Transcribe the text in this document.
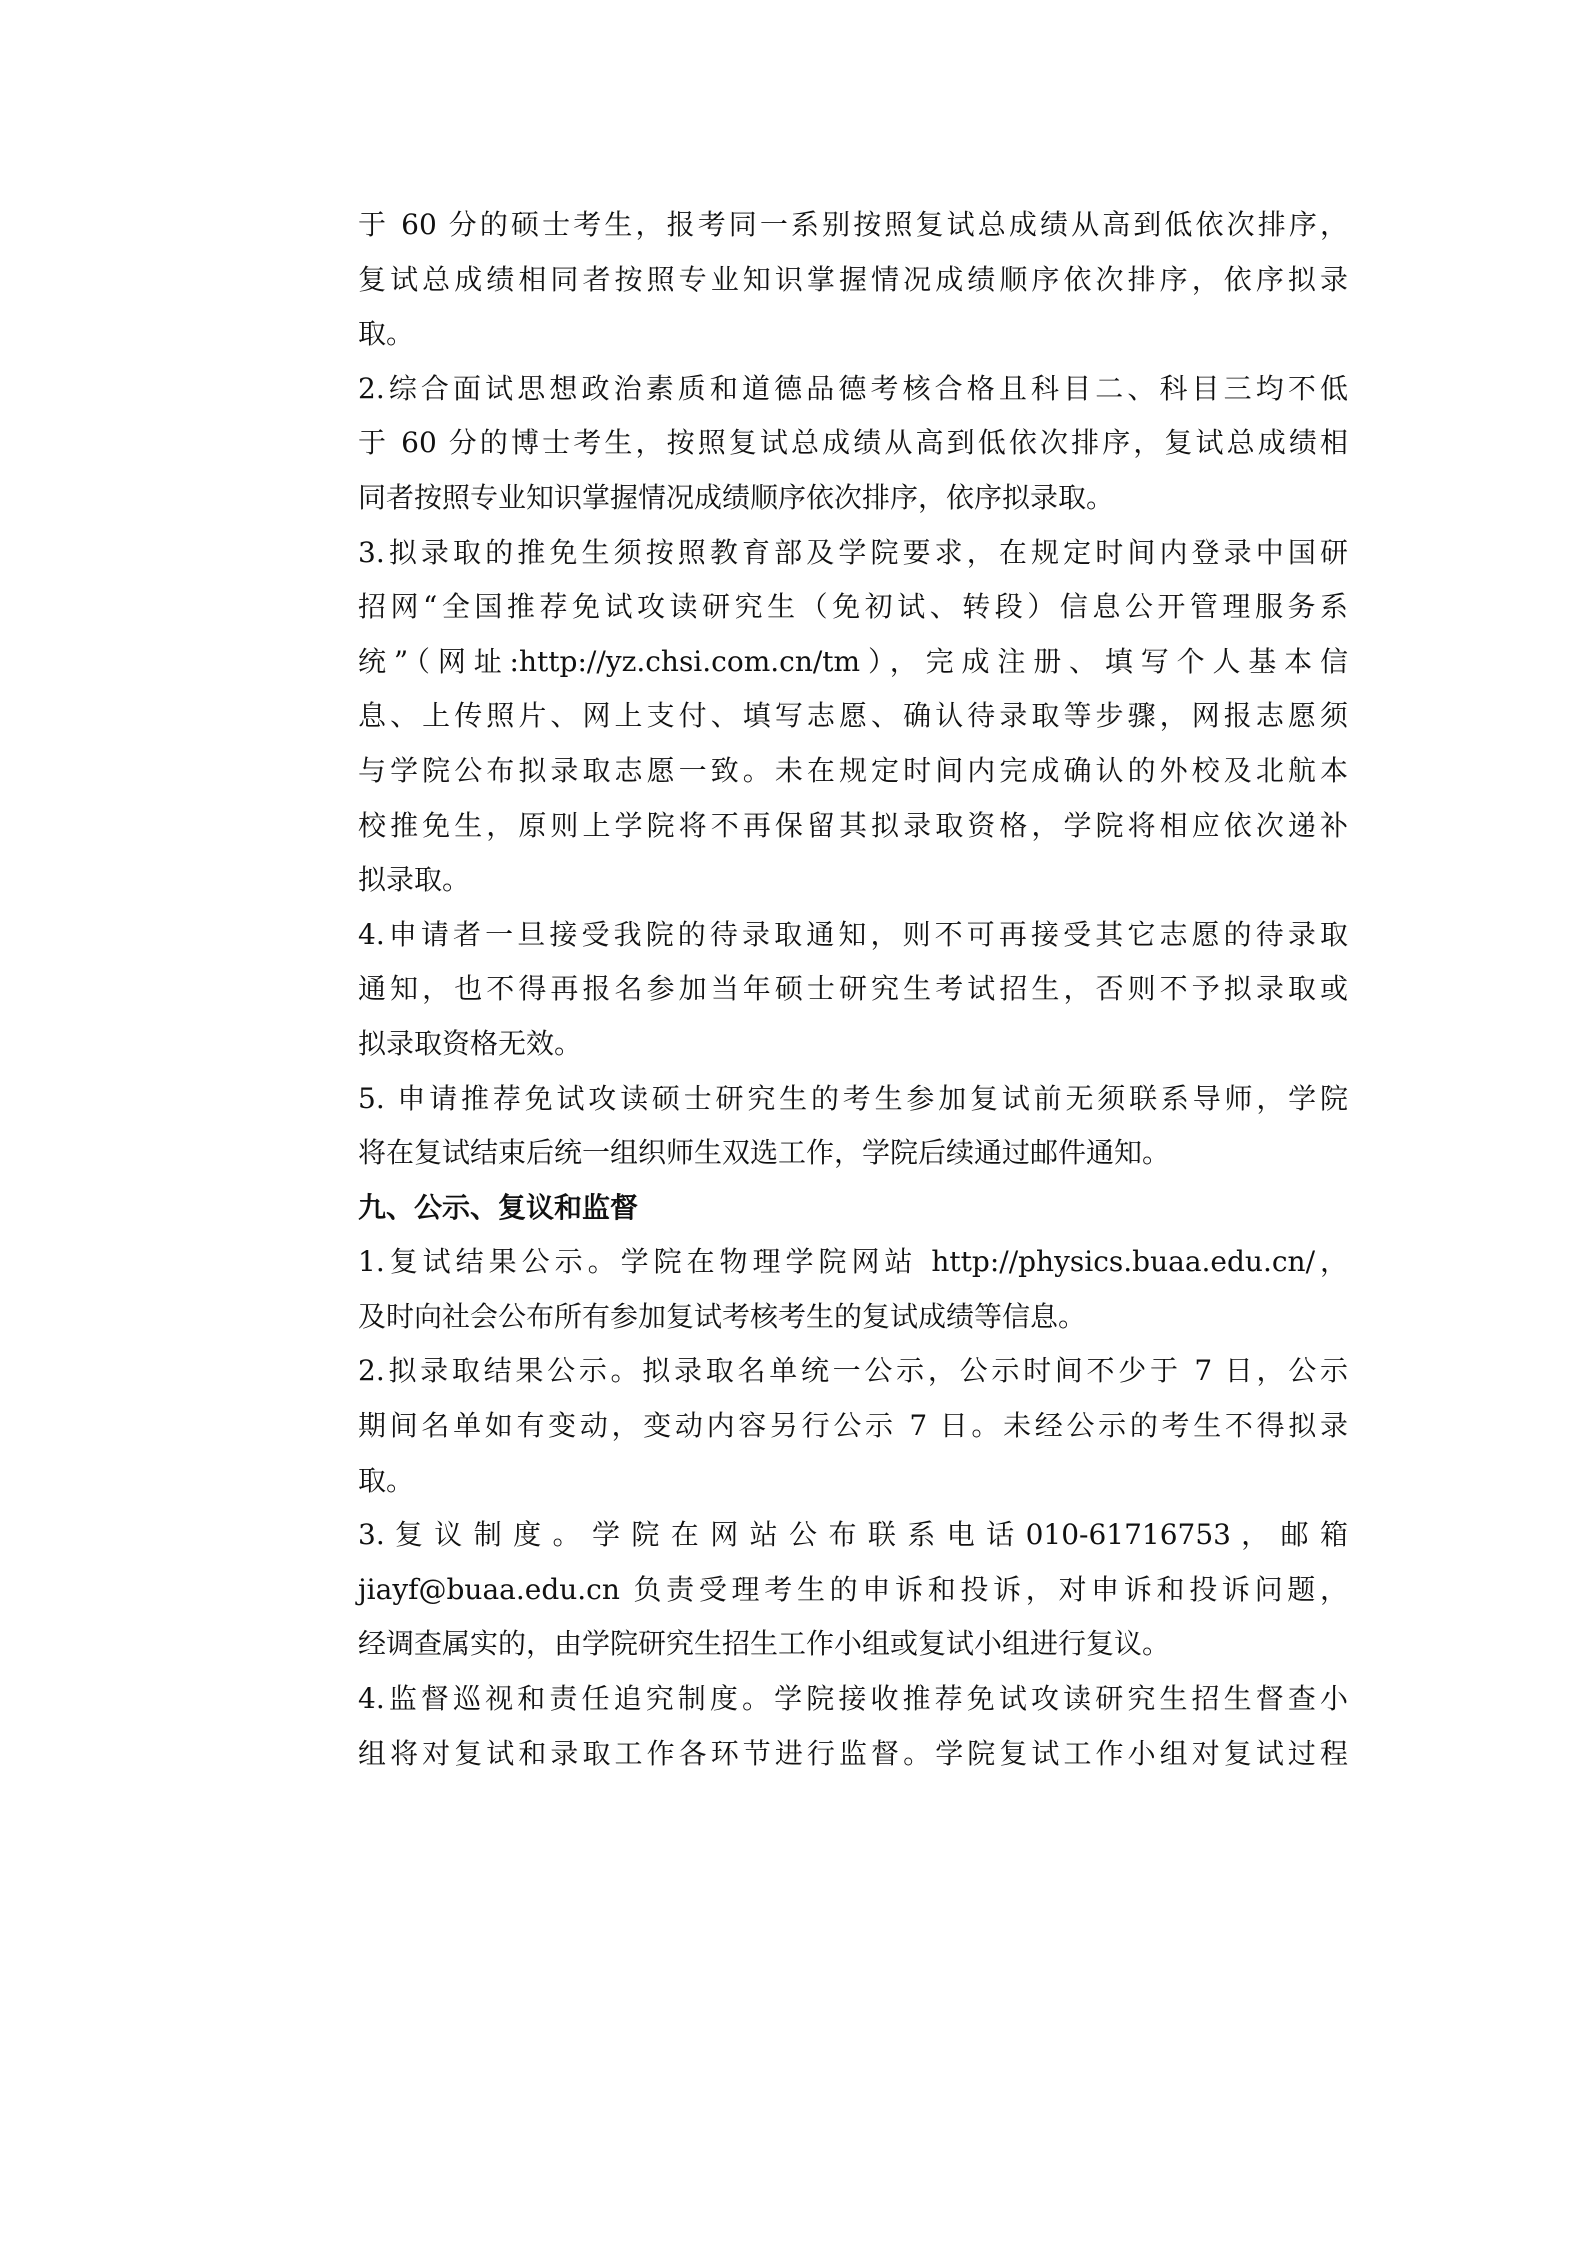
于 60 分的硕士考生，报考同一系别按照复试总成绩从高到低依次排序，
复试总成绩相同者按照专业知识掌握情况成绩顺序依次排序，依序拟录
取。
2.综合面试思想政治素质和道德品德考核合格且科目二、科目三均不低
于 60 分的博士考生，按照复试总成绩从高到低依次排序，复试总成绩相
同者按照专业知识掌握情况成绩顺序依次排序，依序拟录取。
3.拟录取的推免生须按照教育部及学院要求，在规定时间内登录中国研
招网“全国推荐免试攻读研究生（免初试、转段）信息公开管理服务系
统”（网址:http://yz.chsi.com.cn/tm），完成注册、填写个人基本信
息、上传照片、网上支付、填写志愿、确认待录取等步骤，网报志愿须
与学院公布拟录取志愿一致。未在规定时间内完成确认的外校及北航本
校推免生，原则上学院将不再保留其拟录取资格，学院将相应依次递补
拟录取。
4.申请者一旦接受我院的待录取通知，则不可再接受其它志愿的待录取
通知，也不得再报名参加当年硕士研究生考试招生，否则不予拟录取或
拟录取资格无效。
5. 申请推荐免试攻读硕士研究生的考生参加复试前无须联系导师，学院
将在复试结束后统一组织师生双选工作，学院后续通过邮件通知。
九、公示、复议和监督
1.复试结果公示。学院在物理学院网站 http://physics.buaa.edu.cn/，
及时向社会公布所有参加复试考核考生的复试成绩等信息。
2.拟录取结果公示。拟录取名单统一公示，公示时间不少于 7 日，公示
期间名单如有变动，变动内容另行公示 7 日。未经公示的考生不得拟录
取。
3. 复 议 制 度 。 学 院 在 网 站 公 布 联 系 电 话 010-61716753 ， 邮 箱
jiayf@buaa.edu.cn 负责受理考生的申诉和投诉，对申诉和投诉问题，
经调查属实的，由学院研究生招生工作小组或复试小组进行复议。
4.监督巡视和责任追究制度。学院接收推荐免试攻读研究生招生督查小
组将对复试和录取工作各环节进行监督。学院复试工作小组对复试过程
